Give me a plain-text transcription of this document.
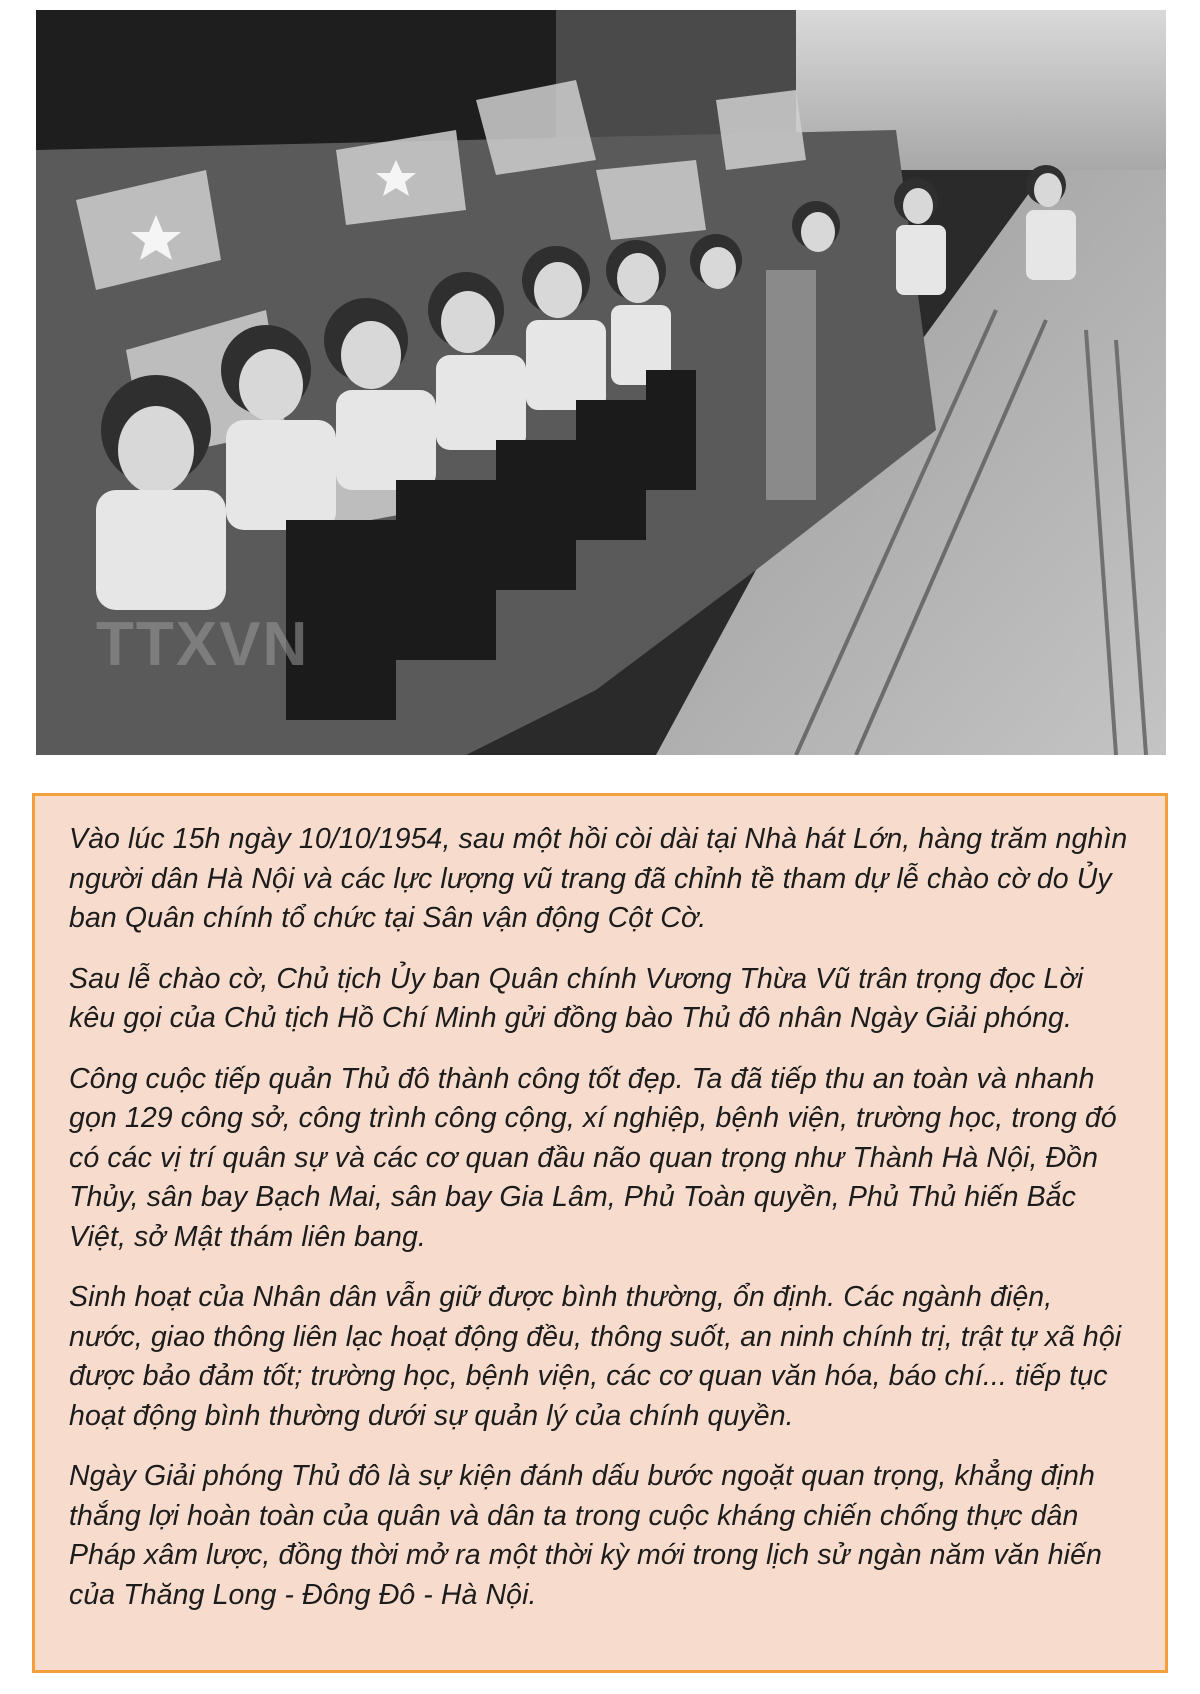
TTXVN

Vào lúc 15h ngày 10/10/1954, sau một hồi còi dài tại Nhà hát Lớn, hàng trăm nghìn người dân Hà Nội và các lực lượng vũ trang đã chỉnh tề tham dự lễ chào cờ do Ủy ban Quân chính tổ chức tại Sân vận động Cột Cờ.

Sau lễ chào cờ, Chủ tịch Ủy ban Quân chính Vương Thừa Vũ trân trọng đọc Lời kêu gọi của Chủ tịch Hồ Chí Minh gửi đồng bào Thủ đô nhân Ngày Giải phóng.

Công cuộc tiếp quản Thủ đô thành công tốt đẹp. Ta đã tiếp thu an toàn và nhanh gọn 129 công sở, công trình công cộng, xí nghiệp, bệnh viện, trường học, trong đó có các vị trí quân sự và các cơ quan đầu não quan trọng như Thành Hà Nội, Đồn Thủy, sân bay Bạch Mai, sân bay Gia Lâm, Phủ Toàn quyền, Phủ Thủ hiến Bắc Việt, sở Mật thám liên bang.

Sinh hoạt của Nhân dân vẫn giữ được bình thường, ổn định. Các ngành điện, nước, giao thông liên lạc hoạt động đều, thông suốt, an ninh chính trị, trật tự xã hội được bảo đảm tốt; trường học, bệnh viện, các cơ quan văn hóa, báo chí... tiếp tục hoạt động bình thường dưới sự quản lý của chính quyền.

Ngày Giải phóng Thủ đô là sự kiện đánh dấu bước ngoặt quan trọng, khẳng định thắng lợi hoàn toàn của quân và dân ta trong cuộc kháng chiến chống thực dân Pháp xâm lược, đồng thời mở ra một thời kỳ mới trong lịch sử ngàn năm văn hiến của Thăng Long - Đông Đô - Hà Nội.
